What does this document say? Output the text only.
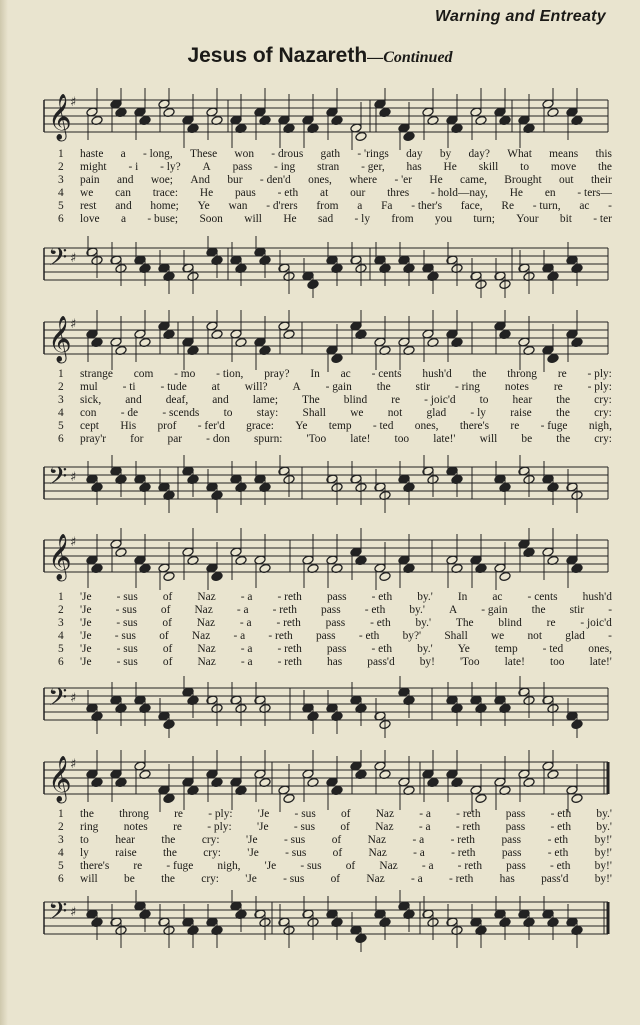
Warning and Entreaty
Jesus of Nazareth—Continued
𝄞
♯
1	haste a - long, These won - drous gath - 'rings day by day? What means this
2	might - i - ly? A pass - ing stran - ger, has He skill to move the
3	pain and woe; And bur - den'd ones, where - 'er He came, Brought out their
4	we can trace: He paus - eth at our thres - hold—nay, He en - ters—
5	rest and home; Ye wan - d'rers from a Fa - ther's face, Re - turn, ac -
6	love a - buse; Soon will He sad - ly from you turn; Your bit - ter
𝄢 ♯
𝄞
♯
1	strange com - mo - tion, pray? In ac - cents hush'd the throng re - ply:
2	mul - ti - tude at will? A - gain the stir - ring notes re - ply:
3	sick, and deaf, and lame; The blind re - joic'd to hear the cry:
4	con - de - scends to stay: Shall we not glad - ly raise the cry:
5	cept His prof - fer'd grace: Ye temp - ted ones, there's re - fuge nigh,
6	pray'r for par - don spurn: 'Too late! too late!' will be the cry:
𝄢 ♯
𝄞
♯
1	'Je - sus of Naz - a - reth pass - eth by.' In ac - cents hush'd
2	'Je - sus of Naz - a - reth pass - eth by.' A - gain the stir -
3	'Je - sus of Naz - a - reth pass - eth by.' The blind re - joic'd
4	'Je - sus of Naz - a - reth pass - eth by?' Shall we not glad -
5	'Je - sus of Naz - a - reth pass - eth by.' Ye temp - ted ones,
6	'Je - sus of Naz - a - reth has pass'd by! 'Too late! too late!'
𝄢 ♯
𝄞
♯
1	the throng re - ply: 'Je - sus of Naz - a - reth pass - eth by.'
2	ring notes re - ply: 'Je - sus of Naz - a - reth pass - eth by.'
3	to hear the cry: 'Je - sus of Naz - a - reth pass - eth by!'
4	ly raise the cry: 'Je - sus of Naz - a - reth pass - eth by!'
5	there's re - fuge nigh, 'Je - sus of Naz - a - reth pass - eth by!'
6	will be the cry: 'Je - sus of Naz - a - reth has pass'd by!'
𝄢 ♯
